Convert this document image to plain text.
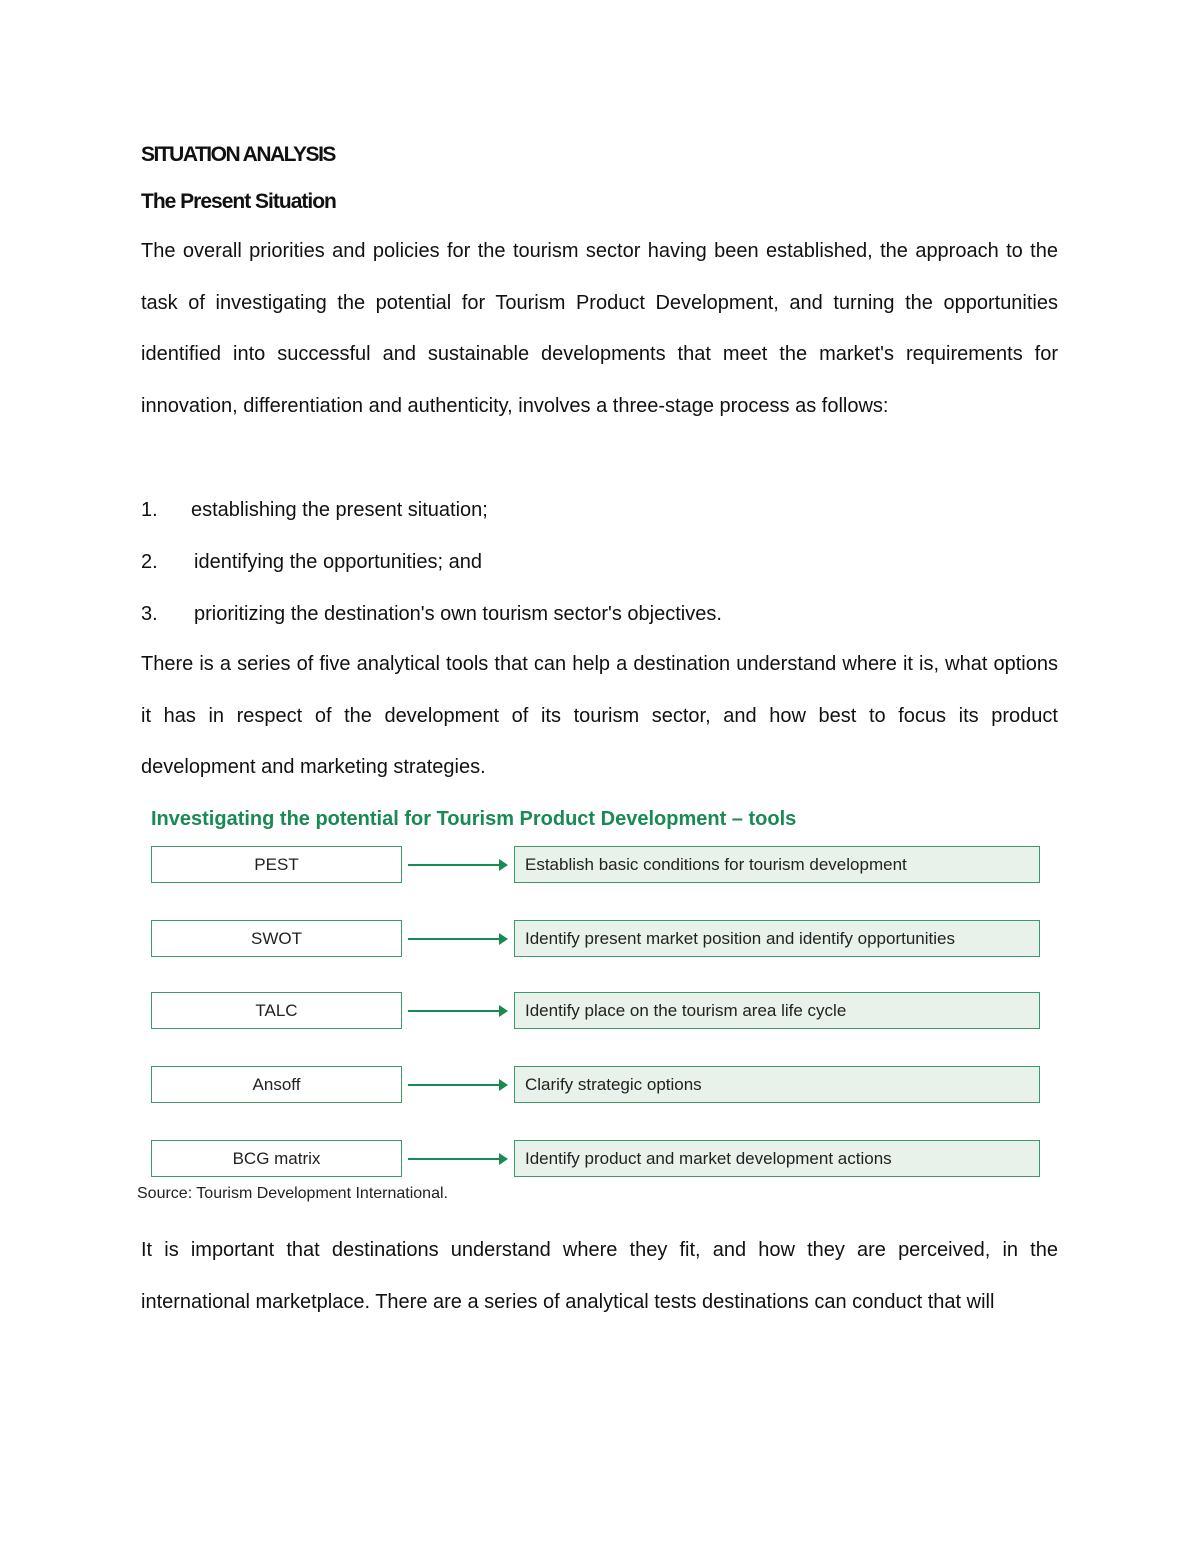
SITUATION ANALYSIS
The Present Situation
The overall priorities and policies for the tourism sector having been established, the approach to the task of investigating the potential for Tourism Product Development, and turning the opportunities identified into successful and sustainable developments that meet the market's requirements for innovation, differentiation and authenticity, involves a three-stage process as follows:
1.	establishing the present situation;
2.	identifying the opportunities; and
3.	prioritizing the destination's own tourism sector's objectives.
There is a series of five analytical tools that can help a destination understand where it is, what options it has in respect of the development of its tourism sector, and how best to focus its product development and marketing strategies.
Investigating the potential for Tourism Product Development – tools
PEST	Establish basic conditions for tourism development
SWOT	Identify present market position and identify opportunities
TALC	Identify place on the tourism area life cycle
Ansoff	Clarify strategic options
BCG matrix	Identify product and market development actions
Source: Tourism Development International.
It is important that destinations understand where they fit, and how they are perceived, in the international marketplace. There are a series of analytical tests destinations can conduct that will
